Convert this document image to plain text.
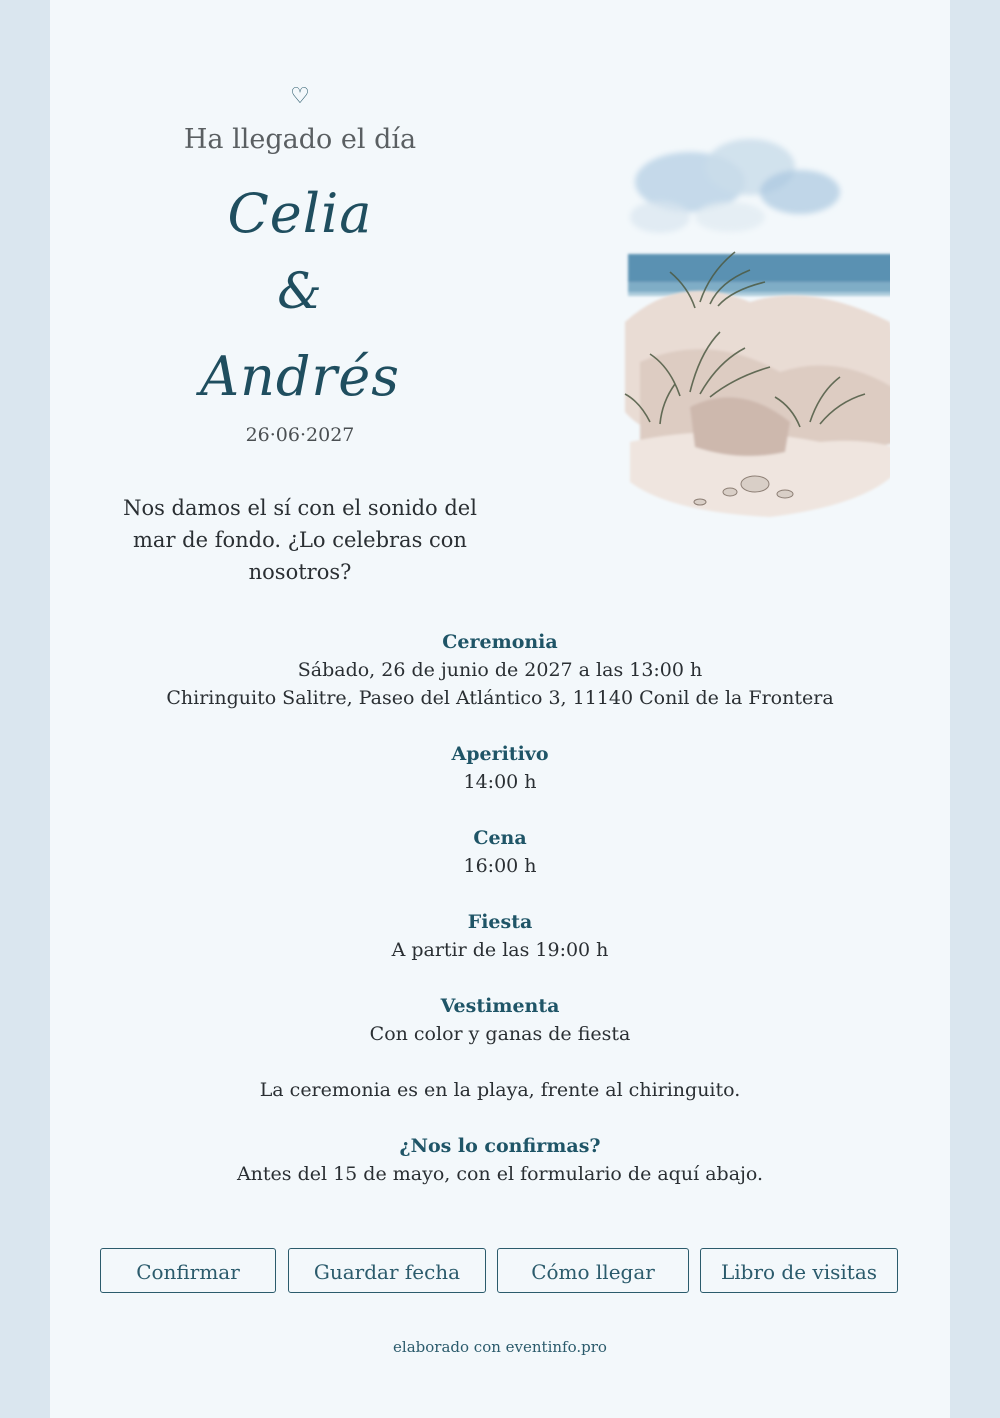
♡
Ha llegado el día
Celia
&
Andrés
26·06·2027
Nos damos el sí con el sonido del mar de fondo. ¿Lo celebras con nosotros?
Ceremonia

Sábado, 26 de junio de 2027 a las 13:00 h

Chiringuito Salitre, Paseo del Atlántico 3, 11140 Conil de la Frontera

Aperitivo

14:00 h

Cena

16:00 h

Fiesta

A partir de las 19:00 h

Vestimenta

Con color y ganas de fiesta

La ceremonia es en la playa, frente al chiringuito.

¿Nos lo confirmas?

Antes del 15 de mayo, con el formulario de aquí abajo.

Confirmar	Guardar fecha	Cómo llegar	Libro de visitas
elaborado con eventinfo.pro
